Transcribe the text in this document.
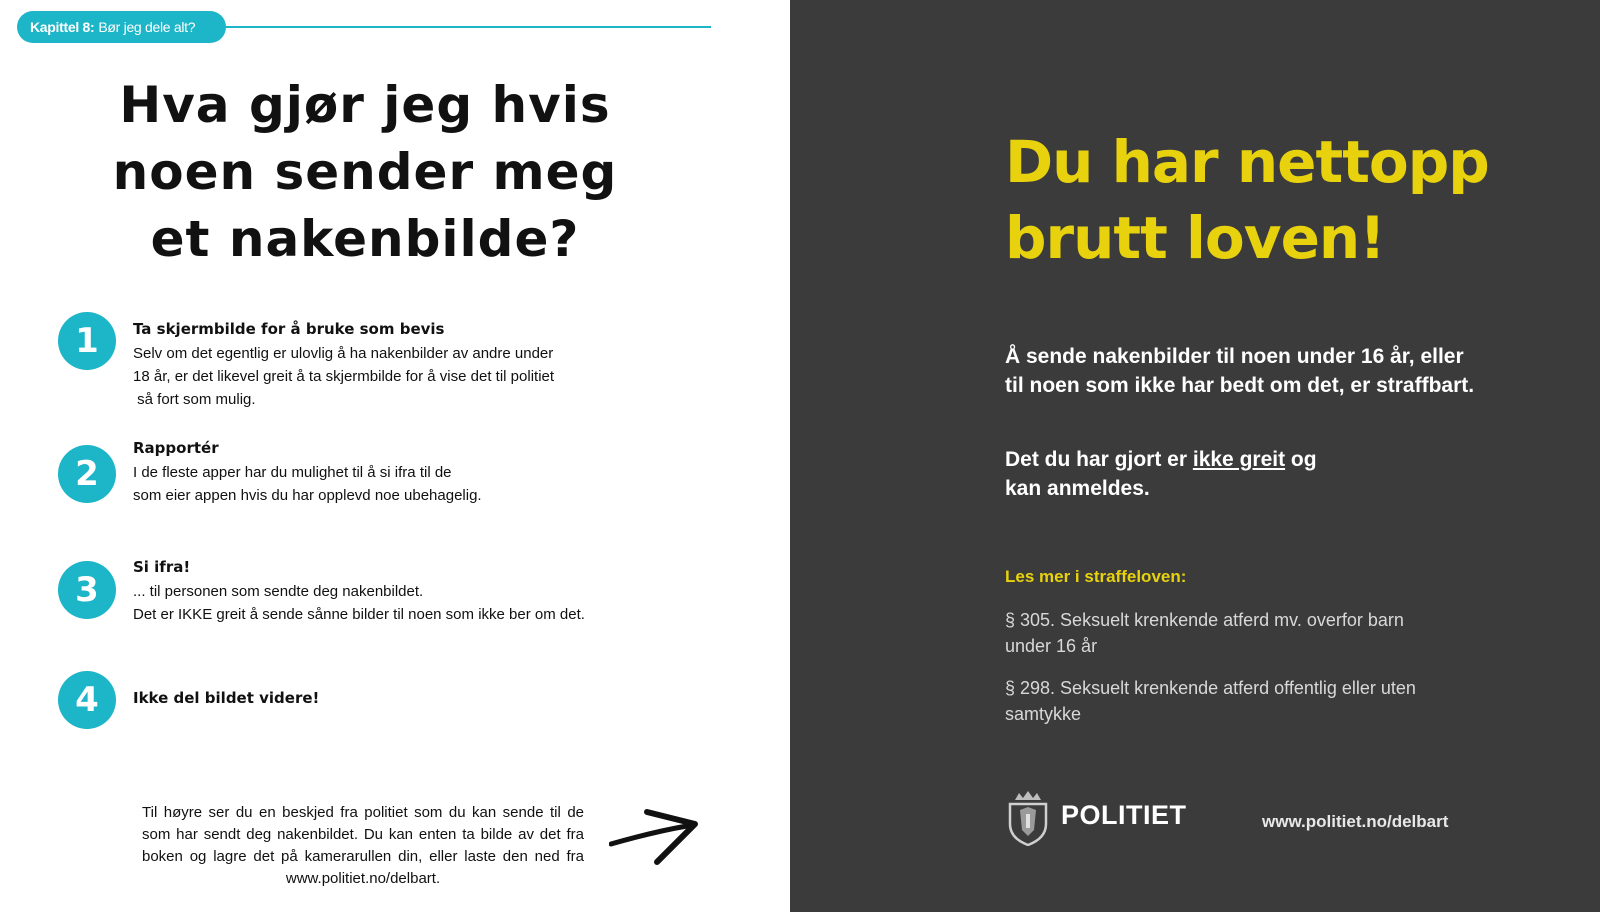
Kapittel 8: Bør jeg dele alt?
Hva gjør jeg hvis
noen sender meg
et nakenbilde?
1	Ta skjermbilde for å bruke som bevis
Selv om det egentlig er ulovlig å ha nakenbilder av andre under
18 år, er det likevel greit å ta skjermbilde for å vise det til politiet
så fort som mulig.
2
Rapportér
I de fleste apper har du mulighet til å si ifra til de
som eier appen hvis du har opplevd noe ubehagelig.
3
Si ifra!
... til personen som sendte deg nakenbildet.
Det er IKKE greit å sende sånne bilder til noen som ikke ber om det.
4	Ikke del bildet videre!
Til høyre ser du en beskjed fra politiet som du kan sende til de som har sendt deg nakenbildet. Du kan enten ta bilde av det fra boken og lagre det på kamerarullen din, eller laste den ned fra www.politiet.no/delbart.
Du har nettopp
brutt loven!
Å sende nakenbilder til noen under 16 år, eller til noen som ikke har bedt om det, er straffbart.
Det du har gjort er ikke greit og kan anmeldes.
Les mer i straffeloven:
§ 305. Seksuelt krenkende atferd mv. overfor barn under 16 år
§ 298. Seksuelt krenkende atferd offentlig eller uten samtykke
POLITIET	www.politiet.no/delbart
